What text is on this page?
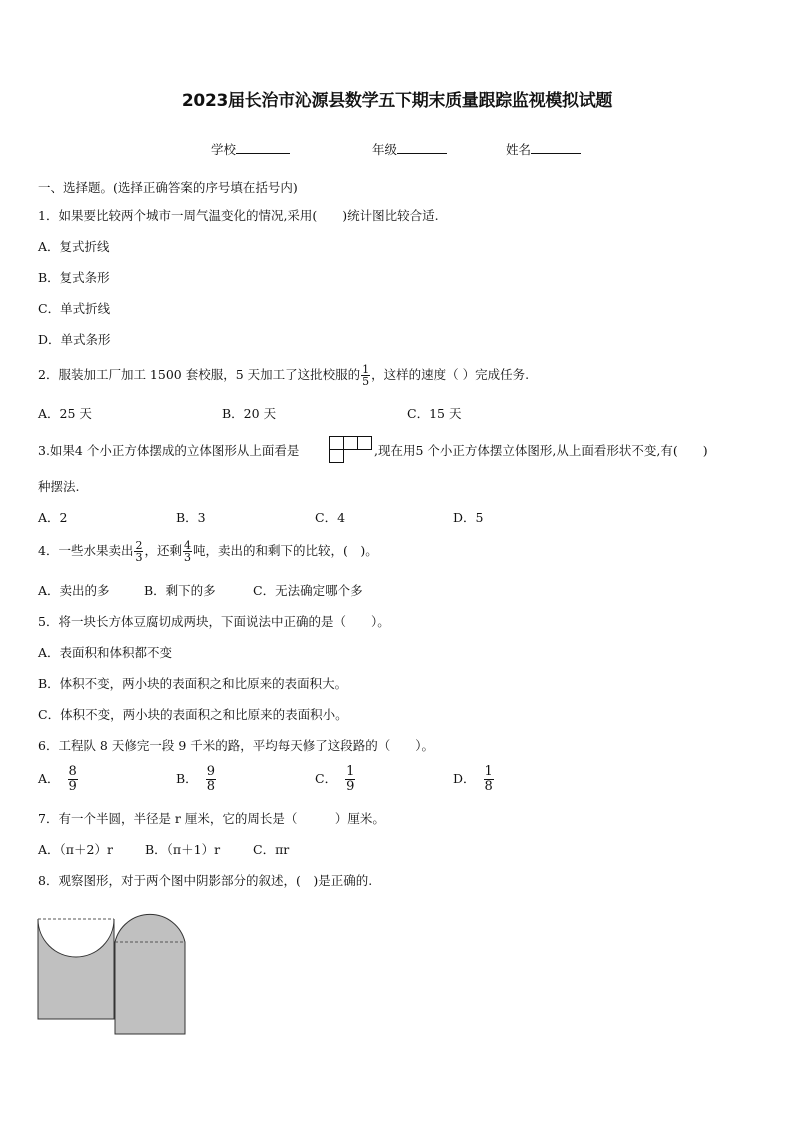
2023届长治市沁源县数学五下期末质量跟踪监视模拟试题
学校	年级	姓名
一、选择题。(选择正确答案的序号填在括号内)
1．如果要比较两个城市一周气温变化的情况,采用(　　)统计图比较合适.
A．复式折线
B．复式条形
C．单式折线
D．单式条形
2．服装加工厂加工 1500 套校服，5 天加工了这批校服的 $\frac{1}{5}$ ，这样的速度（ ）完成任务.
A．25 天	B．20 天	C．15 天
3.如果4 个小正方体摆成的立体图形从上面看是	,现在用5 个小正方体摆立体图形,从上面看形状不变,有(　　)
种摆法.
A．2	B．3	C．4	D．5
4．一些水果卖出 $\frac{2}{3}$ ，还剩 $\frac{4}{3}$ 吨，卖出的和剩下的比较，(　)。
A．卖出的多	B．剩下的多	C．无法确定哪个多
5．将一块长方体豆腐切成两块，下面说法中正确的是（　　）。
A．表面积和体积都不变
B．体积不变，两小块的表面积之和比原来的表面积大。
C．体积不变，两小块的表面积之和比原来的表面积小。
6．工程队 8 天修完一段 9 千米的路，平均每天修了这段路的（　　）。
A． $\frac{8}{9}$	B． $\frac{9}{8}$	C． $\frac{1}{9}$	D． $\frac{1}{8}$
7．有一个半圆，半径是 r 厘米，它的周长是（　　　）厘米。
A．（π＋2）r	B．（π＋1）r	C．πr
8．观察图形，对于两个图中阴影部分的叙述，(　)是正确的.
